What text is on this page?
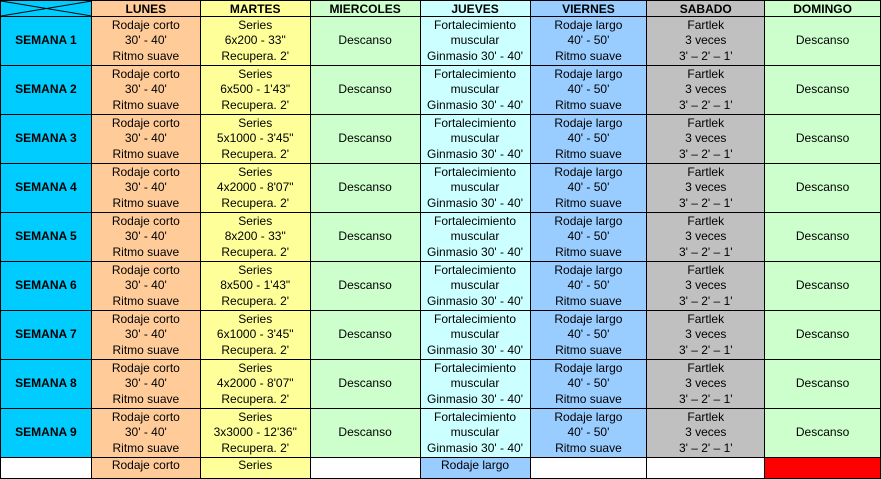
	LUNES	MARTES	MIERCOLES	JUEVES	VIERNES	SABADO	DOMINGO
SEMANA 1	Rodaje corto
30' - 40'
Ritmo suave	Series
6x200 - 33"
Recupera. 2'	Descanso	Fortalecimiento
muscular
Ginmasio 30' - 40'	Rodaje largo
40' - 50'
Ritmo suave	Fartlek
3 veces
3' – 2' – 1'	Descanso

SEMANA 2	Rodaje corto
30' - 40'
Ritmo suave	Series
6x500 - 1'43"
Recupera. 2'	Descanso	Fortalecimiento
muscular
Ginmasio 30' - 40'	Rodaje largo
40' - 50'
Ritmo suave	Fartlek
3 veces
3' – 2' – 1'	Descanso

SEMANA 3	Rodaje corto
30' - 40'
Ritmo suave	Series
5x1000 - 3'45"
Recupera. 2'	Descanso	Fortalecimiento
muscular
Ginmasio 30' - 40'	Rodaje largo
40' - 50'
Ritmo suave	Fartlek
3 veces
3' – 2' – 1'	Descanso

SEMANA 4	Rodaje corto
30' - 40'
Ritmo suave	Series
4x2000 - 8'07"
Recupera. 2'	Descanso	Fortalecimiento
muscular
Ginmasio 30' - 40'	Rodaje largo
40' - 50'
Ritmo suave	Fartlek
3 veces
3' – 2' – 1'	Descanso

SEMANA 5	Rodaje corto
30' - 40'
Ritmo suave	Series
8x200 - 33"
Recupera. 2'	Descanso	Fortalecimiento
muscular
Ginmasio 30' - 40'	Rodaje largo
40' - 50'
Ritmo suave	Fartlek
3 veces
3' – 2' – 1'	Descanso

SEMANA 6	Rodaje corto
30' - 40'
Ritmo suave	Series
8x500 - 1'43"
Recupera. 2'	Descanso	Fortalecimiento
muscular
Ginmasio 30' - 40'	Rodaje largo
40' - 50'
Ritmo suave	Fartlek
3 veces
3' – 2' – 1'	Descanso

SEMANA 7	Rodaje corto
30' - 40'
Ritmo suave	Series
6x1000 - 3'45"
Recupera. 2'	Descanso	Fortalecimiento
muscular
Ginmasio 30' - 40'	Rodaje largo
40' - 50'
Ritmo suave	Fartlek
3 veces
3' – 2' – 1'	Descanso

SEMANA 8	Rodaje corto
30' - 40'
Ritmo suave	Series
4x2000 - 8'07"
Recupera. 2'	Descanso	Fortalecimiento
muscular
Ginmasio 30' - 40'	Rodaje largo
40' - 50'
Ritmo suave	Fartlek
3 veces
3' – 2' – 1'	Descanso

SEMANA 9	Rodaje corto
30' - 40'
Ritmo suave	Series
3x3000 - 12'36"
Recupera. 2'	Descanso	Fortalecimiento
muscular
Ginmasio 30' - 40'	Rodaje largo
40' - 50'
Ritmo suave	Fartlek
3 veces
3' – 2' – 1'	Descanso

	Rodaje corto	Series		Rodaje largo			
